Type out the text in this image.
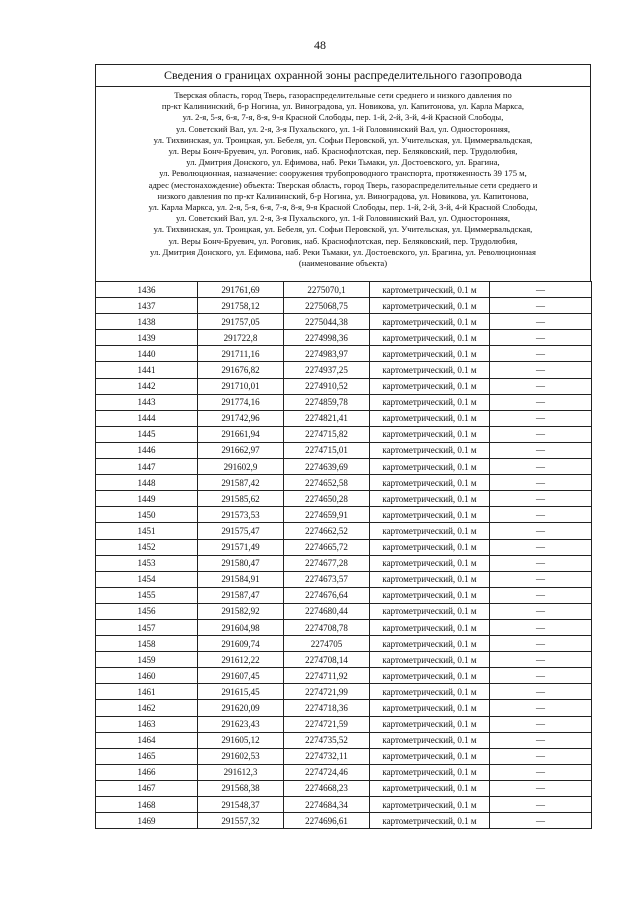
48
Сведения о границах охранной зоны распределительного газопровода
Тверская область, город Тверь, газораспределительные сети среднего и низкого давления по
пр-кт Калининский, б-р Ногина, ул. Виноградова, ул. Новикова, ул. Капитонова, ул. Карла Маркса,
ул. 2-я, 5-я, 6-я, 7-я, 8-я, 9-я Красной Слободы, пер. 1-й, 2-й, 3-й, 4-й Красной Слободы,
ул. Советский Вал, ул. 2-я, 3-я Пухальского, ул. 1-й Головнинский Вал, ул. Односторонняя,
ул. Тихвинская, ул. Троицкая, ул. Бебеля, ул. Софьи Перовской, ул. Учительская, ул. Циммервальдская,
ул. Веры Бонч-Бруевич, ул. Роговик, наб. Краснофлотская, пер. Беляковский, пер. Трудолюбия,
ул. Дмитрия Донского, ул. Ефимова, наб. Реки Тьмаки, ул. Достоевского, ул. Брагина,
ул. Революционная, назначение: сооружения трубопроводного транспорта, протяженность 39 175 м,
адрес (местонахождение) объекта: Тверская область, город Тверь, газораспределительные сети среднего и
низкого давления по пр-кт Калининский, б-р Ногина, ул. Виноградова, ул. Новикова, ул. Капитонова,
ул. Карла Маркса, ул. 2-я, 5-я, 6-я, 7-я, 8-я, 9-я Красной Слободы, пер. 1-й, 2-й, 3-й, 4-й Красной Слободы,
ул. Советский Вал, ул. 2-я, 3-я Пухальского, ул. 1-й Головнинский Вал, ул. Односторонняя,
ул. Тихвинская, ул. Троицкая, ул. Бебеля, ул. Софьи Перовской, ул. Учительская, ул. Циммервальдская,
ул. Веры Бонч-Бруевич, ул. Роговик, наб. Краснофлотская, пер. Беляковский, пер. Трудолюбия,
ул. Дмитрия Донского, ул. Ефимова, наб. Реки Тьмаки, ул. Достоевского, ул. Брагина, ул. Революционная
(наименование объекта)
1436	291761,69	2275070,1	картометрический, 0.1 м	—
1437	291758,12	2275068,75	картометрический, 0.1 м	—
1438	291757,05	2275044,38	картометрический, 0.1 м	—
1439	291722,8	2274998,36	картометрический, 0.1 м	—
1440	291711,16	2274983,97	картометрический, 0.1 м	—
1441	291676,82	2274937,25	картометрический, 0.1 м	—
1442	291710,01	2274910,52	картометрический, 0.1 м	—
1443	291774,16	2274859,78	картометрический, 0.1 м	—
1444	291742,96	2274821,41	картометрический, 0.1 м	—
1445	291661,94	2274715,82	картометрический, 0.1 м	—
1446	291662,97	2274715,01	картометрический, 0.1 м	—
1447	291602,9	2274639,69	картометрический, 0.1 м	—
1448	291587,42	2274652,58	картометрический, 0.1 м	—
1449	291585,62	2274650,28	картометрический, 0.1 м	—
1450	291573,53	2274659,91	картометрический, 0.1 м	—
1451	291575,47	2274662,52	картометрический, 0.1 м	—
1452	291571,49	2274665,72	картометрический, 0.1 м	—
1453	291580,47	2274677,28	картометрический, 0.1 м	—
1454	291584,91	2274673,57	картометрический, 0.1 м	—
1455	291587,47	2274676,64	картометрический, 0.1 м	—
1456	291582,92	2274680,44	картометрический, 0.1 м	—
1457	291604,98	2274708,78	картометрический, 0.1 м	—
1458	291609,74	2274705	картометрический, 0.1 м	—
1459	291612,22	2274708,14	картометрический, 0.1 м	—
1460	291607,45	2274711,92	картометрический, 0.1 м	—
1461	291615,45	2274721,99	картометрический, 0.1 м	—
1462	291620,09	2274718,36	картометрический, 0.1 м	—
1463	291623,43	2274721,59	картометрический, 0.1 м	—
1464	291605,12	2274735,52	картометрический, 0.1 м	—
1465	291602,53	2274732,11	картометрический, 0.1 м	—
1466	291612,3	2274724,46	картометрический, 0.1 м	—
1467	291568,38	2274668,23	картометрический, 0.1 м	—
1468	291548,37	2274684,34	картометрический, 0.1 м	—
1469	291557,32	2274696,61	картометрический, 0.1 м	—
